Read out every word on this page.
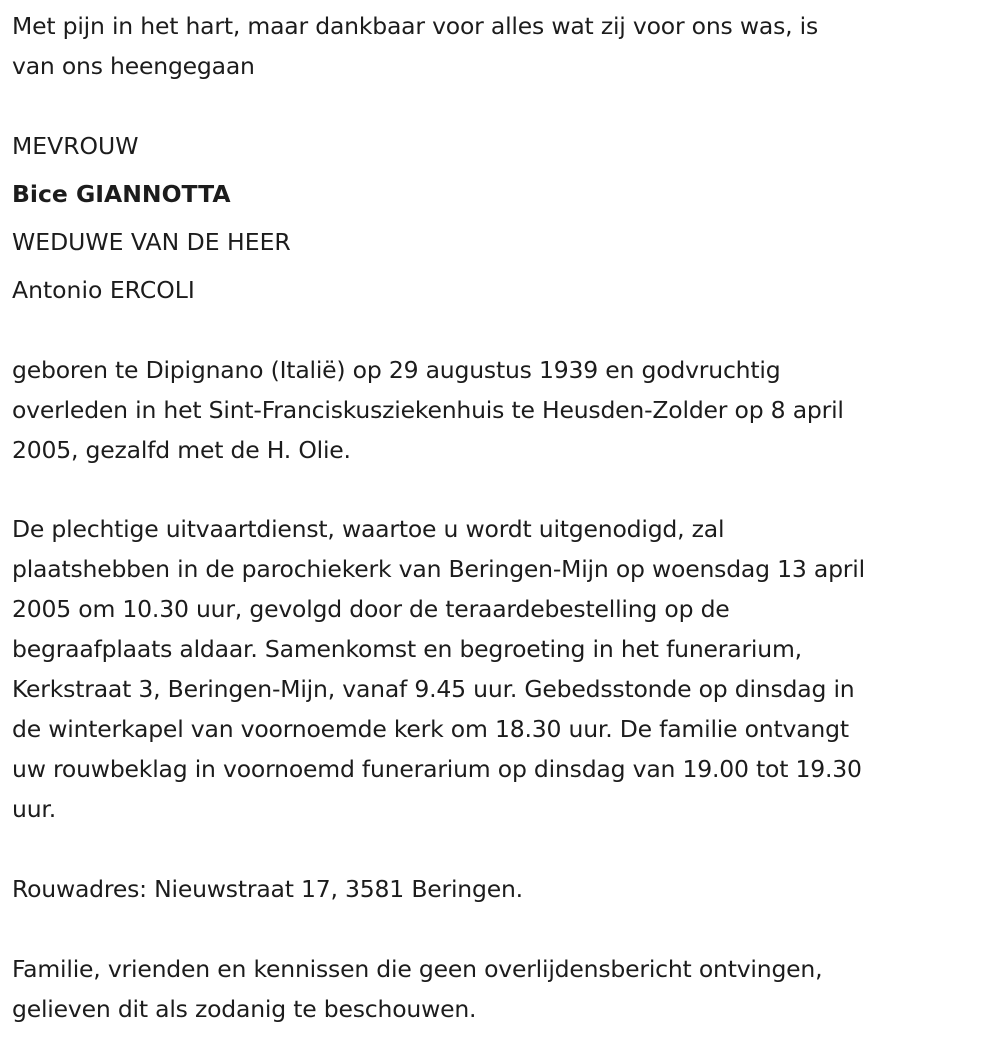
Met pijn in het hart, maar dankbaar voor alles wat zij voor ons was, is
van ons heengegaan
MEVROUW
Bice GIANNOTTA
WEDUWE VAN DE HEER
Antonio ERCOLI
geboren te Dipignano (Italië) op 29 augustus 1939 en godvruchtig
overleden in het Sint-Franciskusziekenhuis te Heusden-Zolder op 8 april
2005, gezalfd met de H. Olie.
De plechtige uitvaartdienst, waartoe u wordt uitgenodigd, zal
plaatshebben in de parochiekerk van Beringen-Mijn op woensdag 13 april
2005 om 10.30 uur, gevolgd door de teraardebestelling op de
begraafplaats aldaar. Samenkomst en begroeting in het funerarium,
Kerkstraat 3, Beringen-Mijn, vanaf 9.45 uur. Gebedsstonde op dinsdag in
de winterkapel van voornoemde kerk om 18.30 uur. De familie ontvangt
uw rouwbeklag in voornoemd funerarium op dinsdag van 19.00 tot 19.30
uur.
Rouwadres: Nieuwstraat 17, 3581 Beringen.
Familie, vrienden en kennissen die geen overlijdensbericht ontvingen,
gelieven dit als zodanig te beschouwen.
